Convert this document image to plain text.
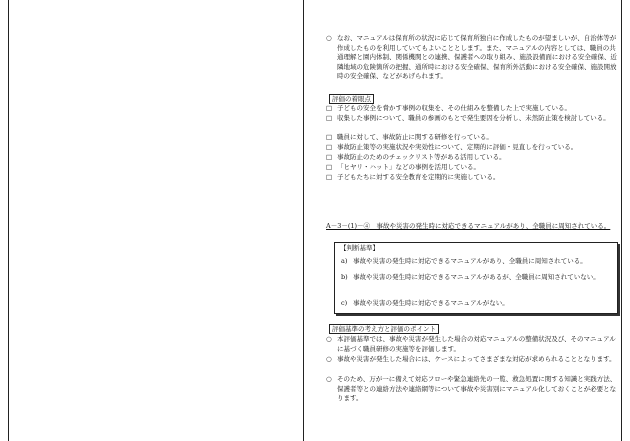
○ なお、マニュアルは保育所の状況に応じて保育所独自に作成したものが望ましいが、自治体等が作成したものを利用していてもよいこととします。また、マニュアルの内容としては、職員の共通理解と園内体制、関係機関との連携、保護者への取り組み、施設設備面における安全確保、近隣地域の危険箇所の把握、通所時における安全確保、保育所外活動における安全確保、施設開放時の安全確保、などがあげられます。
評価の着眼点
□ 子どもの安全を脅かす事例の収集を、その仕組みを整備した上で実施している。
□ 収集した事例について、職員の参画のもとで発生要因を分析し、未然防止策を検討している。
□ 職員に対して、事故防止に関する研修を行っている。
□ 事故防止策等の実施状況や実効性について、定期的に評価・見直しを行っている。
□ 事故防止のためのチェックリスト等がある活用している。
□ 「ヒヤリ・ハット」などの事例を活用している。
□ 子どもたちに対する安全教育を定期的に実施している。
A－3－(1)－④　事故や災害の発生時に対応できるマニュアルがあり、全職員に周知されている。
【判断基準】
a) 事故や災害の発生時に対応できるマニュアルがあり、全職員に周知されている。
b) 事故や災害の発生時に対応できるマニュアルがあるが、全職員に周知されていない。
c) 事故や災害の発生時に対応できるマニュアルがない。
評価基準の考え方と評価のポイント
○ 本評価基準では、事故や災害が発生した場合の対応マニュアルの整備状況及び、そのマニュアルに基づく職員研修の実施等を評価します。
○ 事故や災害が発生した場合には、ケースによってさまざまな対応が求められることとなります。
○ そのため、万が一に備えて対応フローや緊急連絡先の一覧、救急処置に関する知識と実践方法、保護者等との連絡方法や連絡網等について事故や災害別にマニュアル化しておくことが必要となります。
